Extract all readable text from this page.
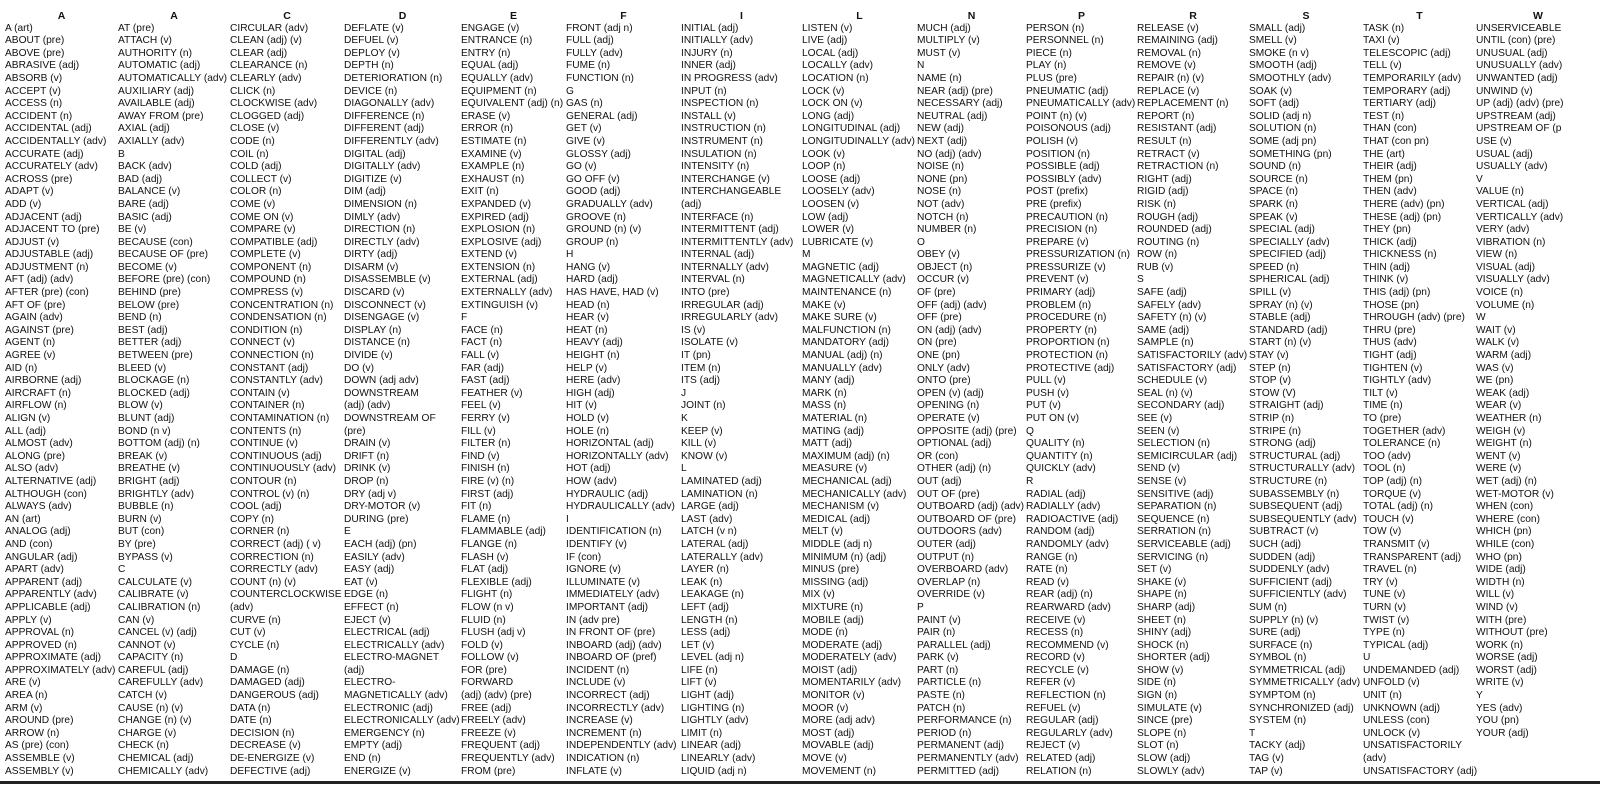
A
A (art)
ABOUT (pre)
ABOVE (pre)
ABRASIVE (adj)
ABSORB (v)
ACCEPT (v)
ACCESS (n)
ACCIDENT (n)
ACCIDENTAL (adj)
ACCIDENTALLY (adv)
ACCURATE (adj)
ACCURATELY (adv)
ACROSS (pre)
ADAPT (v)
ADD (v)
ADJACENT (adj)
ADJACENT TO (pre)
ADJUST (v)
ADJUSTABLE (adj)
ADJUSTMENT (n)
AFT (adj) (adv)
AFTER (pre) (con)
AFT OF (pre)
AGAIN (adv)
AGAINST (pre)
AGENT (n)
AGREE (v)
AID (n)
AIRBORNE (adj)
AIRCRAFT (n)
AIRFLOW (n)
ALIGN (v)
ALL (adj)
ALMOST (adv)
ALONG (pre)
ALSO (adv)
ALTERNATIVE (adj)
ALTHOUGH (con)
ALWAYS (adv)
AN (art)
ANALOG (adj)
AND (con)
ANGULAR (adj)
APART (adv)
APPARENT (adj)
APPARENTLY (adv)
APPLICABLE (adj)
APPLY (v)
APPROVAL (n)
APPROVED (n)
APPROXIMATE (adj)
APPROXIMATELY (adv)
ARE (v)
AREA (n)
ARM (v)
AROUND (pre)
ARROW (n)
AS (pre) (con)
ASSEMBLE (v)
ASSEMBLY (v)
A
AT (pre)
ATTACH (v)
AUTHORITY (n)
AUTOMATIC (adj)
AUTOMATICALLY (adv)
AUXILIARY (adj)
AVAILABLE (adj)
AWAY FROM (pre)
AXIAL (adj)
AXIALLY (adv)
B
BACK (adv)
BAD (adj)
BALANCE (v)
BARE (adj)
BASIC (adj)
BE (v)
BECAUSE (con)
BECAUSE OF (pre)
BECOME (v)
BEFORE (pre) (con)
BEHIND (pre)
BELOW (pre)
BEND (n)
BEST (adj)
BETTER (adj)
BETWEEN (pre)
BLEED (v)
BLOCKAGE (n)
BLOCKED (adj)
BLOW (v)
BLUNT (adj)
BOND (n v)
BOTTOM (adj) (n)
BREAK (v)
BREATHE (v)
BRIGHT (adj)
BRIGHTLY (adv)
BUBBLE (n)
BURN (v)
BUT (con)
BY (pre)
BYPASS (v)
C
CALCULATE (v)
CALIBRATE (v)
CALIBRATION (n)
CAN (v)
CANCEL (v) (adj)
CANNOT (v)
CAPACITY (n)
CAREFUL (adj)
CAREFULLY (adv)
CATCH (v)
CAUSE (n) (v)
CHANGE (n) (v)
CHARGE (v)
CHECK (n)
CHEMICAL (adj)
CHEMICALLY (adv)
C
CIRCULAR (adv)
CLEAN (adj) (v)
CLEAR (adj)
CLEARANCE (n)
CLEARLY (adv)
CLICK (n)
CLOCKWISE (adv)
CLOGGED (adj)
CLOSE (v)
CODE (n)
COIL (n)
COLD (adj)
COLLECT (v)
COLOR (n)
COME (v)
COME ON (v)
COMPARE (v)
COMPATIBLE (adj)
COMPLETE (v)
COMPONENT (n)
COMPOUND (n)
COMPRESS (v)
CONCENTRATION (n)
CONDENSATION (n)
CONDITION (n)
CONNECT (v)
CONNECTION (n)
CONSTANT (adj)
CONSTANTLY (adv)
CONTAIN (v)
CONTAINER (n)
CONTAMINATION (n)
CONTENTS (n)
CONTINUE (v)
CONTINUOUS (adj)
CONTINUOUSLY (adv)
CONTOUR (n)
CONTROL (v) (n)
COOL (adj)
COPY (n)
CORNER (n)
CORRECT (adj) ( v)
CORRECTION (n)
CORRECTLY (adv)
COUNT (n) (v)
COUNTERCLOCKWISE
(adv)
CURVE (n)
CUT (v)
CYCLE (n)
D
DAMAGE (n)
DAMAGED (adj)
DANGEROUS (adj)
DATA (n)
DATE (n)
DECISION (n)
DECREASE (v)
DE-ENERGIZE (v)
DEFECTIVE (adj)
D
DEFLATE (v)
DEFUEL (v)
DEPLOY (v)
DEPTH (n)
DETERIORATION (n)
DEVICE (n)
DIAGONALLY (adv)
DIFFERENCE (n)
DIFFERENT (adj)
DIFFERENTLY (adv)
DIGITAL (adj)
DIGITALLY (adv)
DIGITIZE (v)
DIM (adj)
DIMENSION (n)
DIMLY (adv)
DIRECTION (n)
DIRECTLY (adv)
DIRTY (adj)
DISARM (v)
DISASSEMBLE (v)
DISCARD (v)
DISCONNECT (v)
DISENGAGE (v)
DISPLAY (n)
DISTANCE (n)
DIVIDE (v)
DO (v)
DOWN (adj adv)
DOWNSTREAM
(adj) (adv)
DOWNSTREAM OF
(pre)
DRAIN (v)
DRIFT (n)
DRINK (v)
DROP (n)
DRY (adj v)
DRY-MOTOR (v)
DURING (pre)
E
EACH (adj) (pn)
EASILY (adv)
EASY (adj)
EAT (v)
EDGE (n)
EFFECT (n)
EJECT (v)
ELECTRICAL (adj)
ELECTRICALLY (adv)
ELECTRO-MAGNET
(adj)
ELECTRO-
MAGNETICALLY (adv)
ELECTRONIC (adj)
ELECTRONICALLY (adv)
EMERGENCY (n)
EMPTY (adj)
END (n)
ENERGIZE (v)
E
ENGAGE (v)
ENTRANCE (n)
ENTRY (n)
EQUAL (adj)
EQUALLY (adv)
EQUIPMENT (n)
EQUIVALENT (adj) (n)
ERASE (v)
ERROR (n)
ESTIMATE (n)
EXAMINE (v)
EXAMPLE (n)
EXHAUST (n)
EXIT (n)
EXPANDED (v)
EXPIRED (adj)
EXPLOSION (n)
EXPLOSIVE (adj)
EXTEND (v)
EXTENSION (n)
EXTERNAL (adj)
EXTERNALLY (adv)
EXTINGUISH (v)
F
FACE (n)
FACT (n)
FALL (v)
FAR (adj)
FAST (adj)
FEATHER (v)
FEEL (v)
FERRY (v)
FILL (v)
FILTER (n)
FIND (v)
FINISH (n)
FIRE (v) (n)
FIRST (adj)
FIT (n)
FLAME (n)
FLAMMABLE (adj)
FLANGE (n)
FLASH (v)
FLAT (adj)
FLEXIBLE (adj)
FLIGHT (n)
FLOW (n v)
FLUID (n)
FLUSH (adj v)
FOLD (v)
FOLLOW (v)
FOR (pre)
FORWARD
(adj) (adv) (pre)
FREE (adj)
FREELY (adv)
FREEZE (v)
FREQUENT (adj)
FREQUENTLY (adv)
FROM (pre)
F
FRONT (adj n)
FULL (adj)
FULLY (adv)
FUME (n)
FUNCTION (n)
G
GAS (n)
GENERAL (adj)
GET (v)
GIVE (v)
GLOSSY (adj)
GO (v)
GO OFF (v)
GOOD (adj)
GRADUALLY (adv)
GROOVE (n)
GROUND (n) (v)
GROUP (n)
H
HANG (v)
HARD (adj)
HAS HAVE, HAD (v)
HEAD (n)
HEAR (v)
HEAT (n)
HEAVY (adj)
HEIGHT (n)
HELP (v)
HERE (adv)
HIGH (adj)
HIT (v)
HOLD (v)
HOLE (n)
HORIZONTAL (adj)
HORIZONTALLY (adv)
HOT (adj)
HOW (adv)
HYDRAULIC (adj)
HYDRAULICALLY (adv)
I
IDENTIFICATION (n)
IDENTIFY (v)
IF (con)
IGNORE (v)
ILLUMINATE (v)
IMMEDIATELY (adv)
IMPORTANT (adj)
IN (adv pre)
IN FRONT OF (pre)
INBOARD (adj) (adv)
INBOARD OF (pref)
INCIDENT (n)
INCLUDE (v)
INCORRECT (adj)
INCORRECTLY (adv)
INCREASE (v)
INCREMENT (n)
INDEPENDENTLY (adv)
INDICATION (n)
INFLATE (v)
I
INITIAL (adj)
INITIALLY (adv)
INJURY (n)
INNER (adj)
IN PROGRESS (adv)
INPUT (n)
INSPECTION (n)
INSTALL (v)
INSTRUCTION (n)
INSTRUMENT (n)
INSULATION (n)
INTENSITY (n)
INTERCHANGE (v)
INTERCHANGEABLE
(adj)
INTERFACE (n)
INTERMITTENT (adj)
INTERMITTENTLY (adv)
INTERNAL (adj)
INTERNALLY (adv)
INTERVAL (n)
INTO (pre)
IRREGULAR (adj)
IRREGULARLY (adv)
IS (v)
ISOLATE (v)
IT (pn)
ITEM (n)
ITS (adj)
J
JOINT (n)
K
KEEP (v)
KILL (v)
KNOW (v)
L
LAMINATED (adj)
LAMINATION (n)
LARGE (adj)
LAST (adv)
LATCH (v n)
LATERAL (adj)
LATERALLY (adv)
LAYER (n)
LEAK (n)
LEAKAGE (n)
LEFT (adj)
LENGTH (n)
LESS (adj)
LET (v)
LEVEL (adj n)
LIFE (n)
LIFT (v)
LIGHT (adj)
LIGHTING (n)
LIGHTLY (adv)
LIMIT (n)
LINEAR (adj)
LINEARLY (adv)
LIQUID (adj n)
L
LISTEN (v)
LIVE (adj)
LOCAL (adj)
LOCALLY (adv)
LOCATION (n)
LOCK (v)
LOCK ON (v)
LONG (adj)
LONGITUDINAL (adj)
LONGITUDINALLY (adv)
LOOK (v)
LOOP (n)
LOOSE (adj)
LOOSELY (adv)
LOOSEN (v)
LOW (adj)
LOWER (v)
LUBRICATE (v)
M
MAGNETIC (adj)
MAGNETICALLY (adv)
MAINTENANCE (n)
MAKE (v)
MAKE SURE (v)
MALFUNCTION (n)
MANDATORY (adj)
MANUAL (adj) (n)
MANUALLY (adv)
MANY (adj)
MARK (n)
MASS (n)
MATERIAL (n)
MATING (adj)
MATT (adj)
MAXIMUM (adj) (n)
MEASURE (v)
MECHANICAL (adj)
MECHANICALLY (adv)
MECHANISM (v)
MEDICAL (adj)
MELT (v)
MIDDLE (adj n)
MINIMUM (n) (adj)
MINUS (pre)
MISSING (adj)
MIX (v)
MIXTURE (n)
MOBILE (adj)
MODE (n)
MODERATE (adj)
MODERATELY (adv)
MOIST (adj)
MOMENTARILY (adv)
MONITOR (v)
MOOR (v)
MORE (adj adv)
MOST (adj)
MOVABLE (adj)
MOVE (v)
MOVEMENT (n)
N
MUCH (adj)
MULTIPLY (v)
MUST (v)
N
NAME (n)
NEAR (adj) (pre)
NECESSARY (adj)
NEUTRAL (adj)
NEW (adj)
NEXT (adj)
NO (adj) (adv)
NOISE (n)
NONE (pn)
NOSE (n)
NOT (adv)
NOTCH (n)
NUMBER (n)
O
OBEY (v)
OBJECT (n)
OCCUR (v)
OF (pre)
OFF (adj) (adv)
OFF (pre)
ON (adj) (adv)
ON (pre)
ONE (pn)
ONLY (adv)
ONTO (pre)
OPEN (v) (adj)
OPENING (n)
OPERATE (v)
OPPOSITE (adj) (pre)
OPTIONAL (adj)
OR (con)
OTHER (adj) (n)
OUT (adj)
OUT OF (pre)
OUTBOARD (adj) (adv)
OUTBOARD OF (pre)
OUTDOORS (adv)
OUTER (adj)
OUTPUT (n)
OVERBOARD (adv)
OVERLAP (n)
OVERRIDE (v)
P
PAINT (v)
PAIR (n)
PARALLEL (adj)
PARK (v)
PART (n)
PARTICLE (n)
PASTE (n)
PATCH (n)
PERFORMANCE (n)
PERIOD (n)
PERMANENT (adj)
PERMANENTLY (adv)
PERMITTED (adj)
P
PERSON (n)
PERSONNEL (n)
PIECE (n)
PLAY (n)
PLUS (pre)
PNEUMATIC (adj)
PNEUMATICALLY (adv)
POINT (n) (v)
POISONOUS (adj)
POLISH (v)
POSITION (n)
POSSIBLE (adj)
POSSIBLY (adv)
POST (prefix)
PRE (prefix)
PRECAUTION (n)
PRECISION (n)
PREPARE (v)
PRESSURIZATION (n)
PRESSURIZE (v)
PREVENT (v)
PRIMARY (adj)
PROBLEM (n)
PROCEDURE (n)
PROPERTY (n)
PROPORTION (n)
PROTECTION (n)
PROTECTIVE (adj)
PULL (v)
PUSH (v)
PUT (v)
PUT ON (v)
Q
QUALITY (n)
QUANTITY (n)
QUICKLY (adv)
R
RADIAL (adj)
RADIALLY (adv)
RADIOACTIVE (adj)
RANDOM (adj)
RANDOMLY (adv)
RANGE (n)
RATE (n)
READ (v)
REAR (adj) (n)
REARWARD (adv)
RECEIVE (v)
RECESS (n)
RECOMMEND (v)
RECORD (v)
RECYCLE (v)
REFER (v)
REFLECTION (n)
REFUEL (v)
REGULAR (adj)
REGULARLY (adv)
REJECT (v)
RELATED (adj)
RELATION (n)
R
RELEASE (v)
REMAINING (adj)
REMOVAL (n)
REMOVE (v)
REPAIR (n) (v)
REPLACE (v)
REPLACEMENT (n)
REPORT (n)
RESISTANT (adj)
RESULT (n)
RETRACT (v)
RETRACTION (n)
RIGHT (adj)
RIGID (adj)
RISK (n)
ROUGH (adj)
ROUNDED (adj)
ROUTING (n)
ROW (n)
RUB (v)
S
SAFE (adj)
SAFELY (adv)
SAFETY (n) (v)
SAME (adj)
SAMPLE (n)
SATISFACTORILY (adv)
SATISFACTORY (adj)
SCHEDULE (v)
SEAL (n) (v)
SECONDARY (adj)
SEE (v)
SEEN (v)
SELECTION (n)
SEMICIRCULAR (adj)
SEND (v)
SENSE (v)
SENSITIVE (adj)
SEPARATION (n)
SEQUENCE (n)
SERRATION (n)
SERVICEABLE (adj)
SERVICING (n)
SET (v)
SHAKE (v)
SHAPE (n)
SHARP (adj)
SHEET (n)
SHINY (adj)
SHOCK (n)
SHORTER (adj)
SHOW (v)
SIDE (n)
SIGN (n)
SIMULATE (v)
SINCE (pre)
SLOPE (n)
SLOT (n)
SLOW (adj)
SLOWLY (adv)
S
SMALL (adj)
SMELL (v)
SMOKE (n v)
SMOOTH (adj)
SMOOTHLY (adv)
SOAK (v)
SOFT (adj)
SOLID (adj n)
SOLUTION (n)
SOME (adj pn)
SOMETHING (pn)
SOUND (n)
SOURCE (n)
SPACE (n)
SPARK (n)
SPEAK (v)
SPECIAL (adj)
SPECIALLY (adv)
SPECIFIED (adj)
SPEED (n)
SPHERICAL (adj)
SPILL (v)
SPRAY (n) (v)
STABLE (adj)
STANDARD (adj)
START (n) (v)
STAY (v)
STEP (n)
STOP (v)
STOW (V)
STRAIGHT (adj)
STRIP (n)
STRIPE (n)
STRONG (adj)
STRUCTURAL (adj)
STRUCTURALLY (adv)
STRUCTURE (n)
SUBASSEMBLY (n)
SUBSEQUENT (adj)
SUBSEQUENTLY (adv)
SUBTRACT (v)
SUCH (adj)
SUDDEN (adj)
SUDDENLY (adv)
SUFFICIENT (adj)
SUFFICIENTLY (adv)
SUM (n)
SUPPLY (n) (v)
SURE (adj)
SURFACE (n)
SYMBOL (n)
SYMMETRICAL (adj)
SYMMETRICALLY (adv)
SYMPTOM (n)
SYNCHRONIZED (adj)
SYSTEM (n)
T
TACKY (adj)
TAG (v)
TAP (v)
T
TASK (n)
TAXI (v)
TELESCOPIC (adj)
TELL (v)
TEMPORARILY (adv)
TEMPORARY (adj)
TERTIARY (adj)
TEST (n)
THAN (con)
THAT (con pn)
THE (art)
THEIR (adj)
THEM (pn)
THEN (adv)
THERE (adv) (pn)
THESE (adj) (pn)
THEY (pn)
THICK (adj)
THICKNESS (n)
THIN (adj)
THINK (v)
THIS (adj) (pn)
THOSE (pn)
THROUGH (adv) (pre)
THRU (pre)
THUS (adv)
TIGHT (adj)
TIGHTEN (v)
TIGHTLY (adv)
TILT (v)
TIME (n)
TO (pre)
TOGETHER (adv)
TOLERANCE (n)
TOO (adv)
TOOL (n)
TOP (adj) (n)
TORQUE (v)
TOTAL (adj) (n)
TOUCH (v)
TOW (v)
TRANSMIT (v)
TRANSPARENT (adj)
TRAVEL (n)
TRY (v)
TUNE (v)
TURN (v)
TWIST (v)
TYPE (n)
TYPICAL (adj)
U
UNDEMANDED (adj)
UNFOLD (v)
UNIT (n)
UNKNOWN (adj)
UNLESS (con)
UNLOCK (v)
UNSATISFACTORILY
(adv)
UNSATISFACTORY (adj)
W
UNSERVICEABLE
UNTIL (con) (pre)
UNUSUAL (adj)
UNUSUALLY (adv)
UNWANTED (adj)
UNWIND (v)
UP (adj) (adv) (pre)
UPSTREAM (adj)
UPSTREAM OF (p
USE (v)
USUAL (adj)
USUALLY (adv)
V
VALUE (n)
VERTICAL (adj)
VERTICALLY (adv)
VERY (adv)
VIBRATION (n)
VIEW (n)
VISUAL (adj)
VISUALLY (adv)
VOICE (n)
VOLUME (n)
W
WAIT (v)
WALK (v)
WARM (adj)
WAS (v)
WE (pn)
WEAK (adj)
WEAR (v)
WEATHER (n)
WEIGH (v)
WEIGHT (n)
WENT (v)
WERE (v)
WET (adj) (n)
WET-MOTOR (v)
WHEN (con)
WHERE (con)
WHICH (pn)
WHILE (con)
WHO (pn)
WIDE (adj)
WIDTH (n)
WILL (v)
WIND (v)
WITH (pre)
WITHOUT (pre)
WORK (n)
WORSE (adj)
WORST (adj)
WRITE (v)
Y
YES (adv)
YOU (pn)
YOUR (adj)
